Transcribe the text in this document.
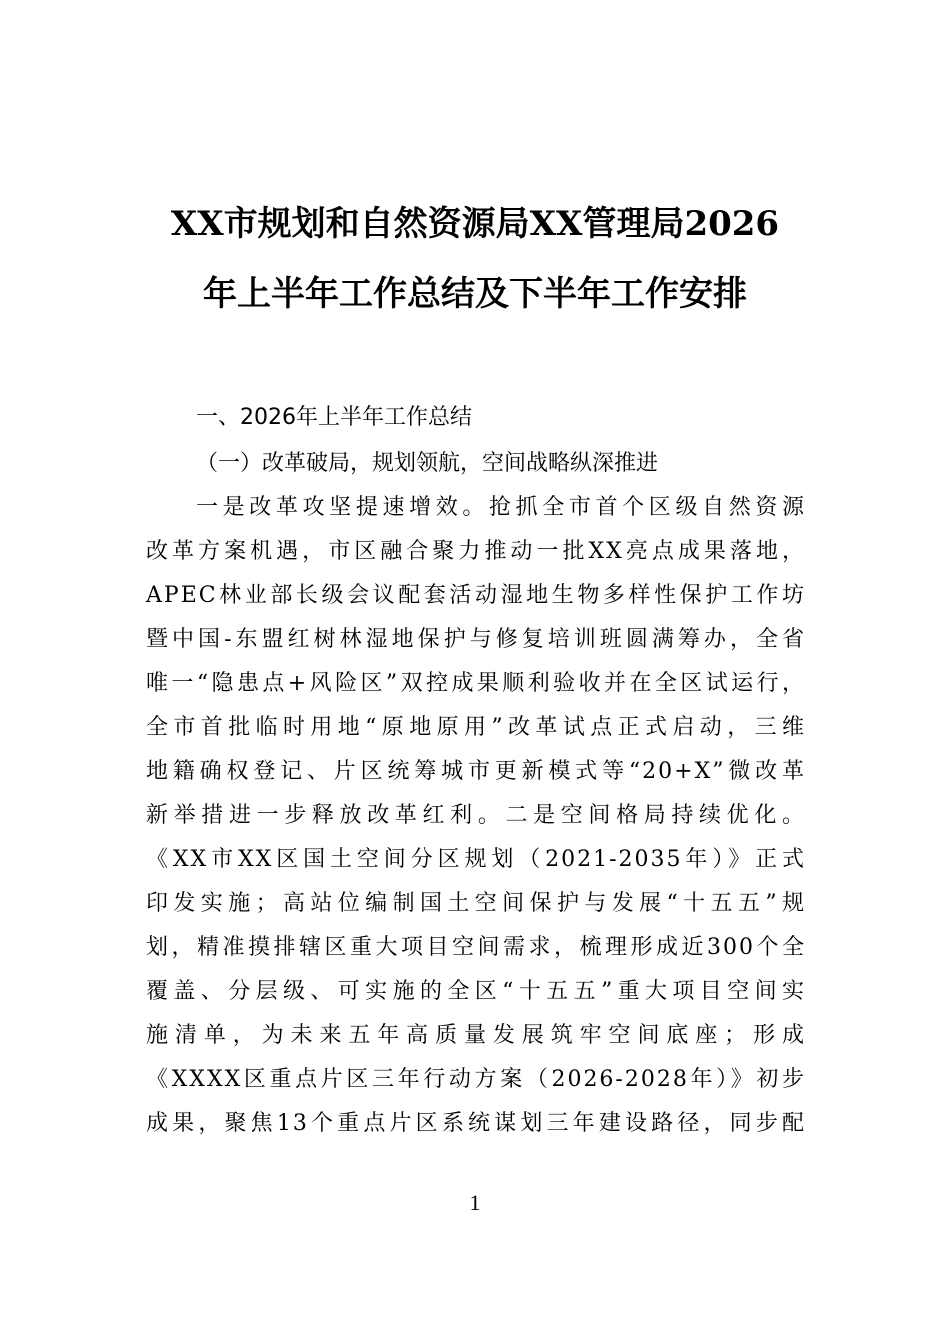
XX市规划和自然资源局XX管理局2026
年上半年工作总结及下半年工作安排
一、2026年上半年工作总结
（一）改革破局，规划领航，空间战略纵深推进
一是改革攻坚提速增效。抢抓全市首个区级自然资源
改革方案机遇，市区融合聚力推动一批XX亮点成果落地，
APEC林业部长级会议配套活动湿地生物多样性保护工作坊
暨中国-东盟红树林湿地保护与修复培训班圆满筹办，全省
唯一“隐患点+风险区”双控成果顺利验收并在全区试运行，
全市首批临时用地“原地原用”改革试点正式启动，三维
地籍确权登记、片区统筹城市更新模式等“20+X”微改革
新举措进一步释放改革红利。二是空间格局持续优化。
《XX市XX区国土空间分区规划（2021-2035年）》正式
印发实施；高站位编制国土空间保护与发展“十五五”规
划，精准摸排辖区重大项目空间需求，梳理形成近300个全
覆盖、分层级、可实施的全区“十五五”重大项目空间实
施清单，为未来五年高质量发展筑牢空间底座；形成
《XXXX区重点片区三年行动方案（2026-2028年）》初步
成果，聚焦13个重点片区系统谋划三年建设路径，同步配
1
